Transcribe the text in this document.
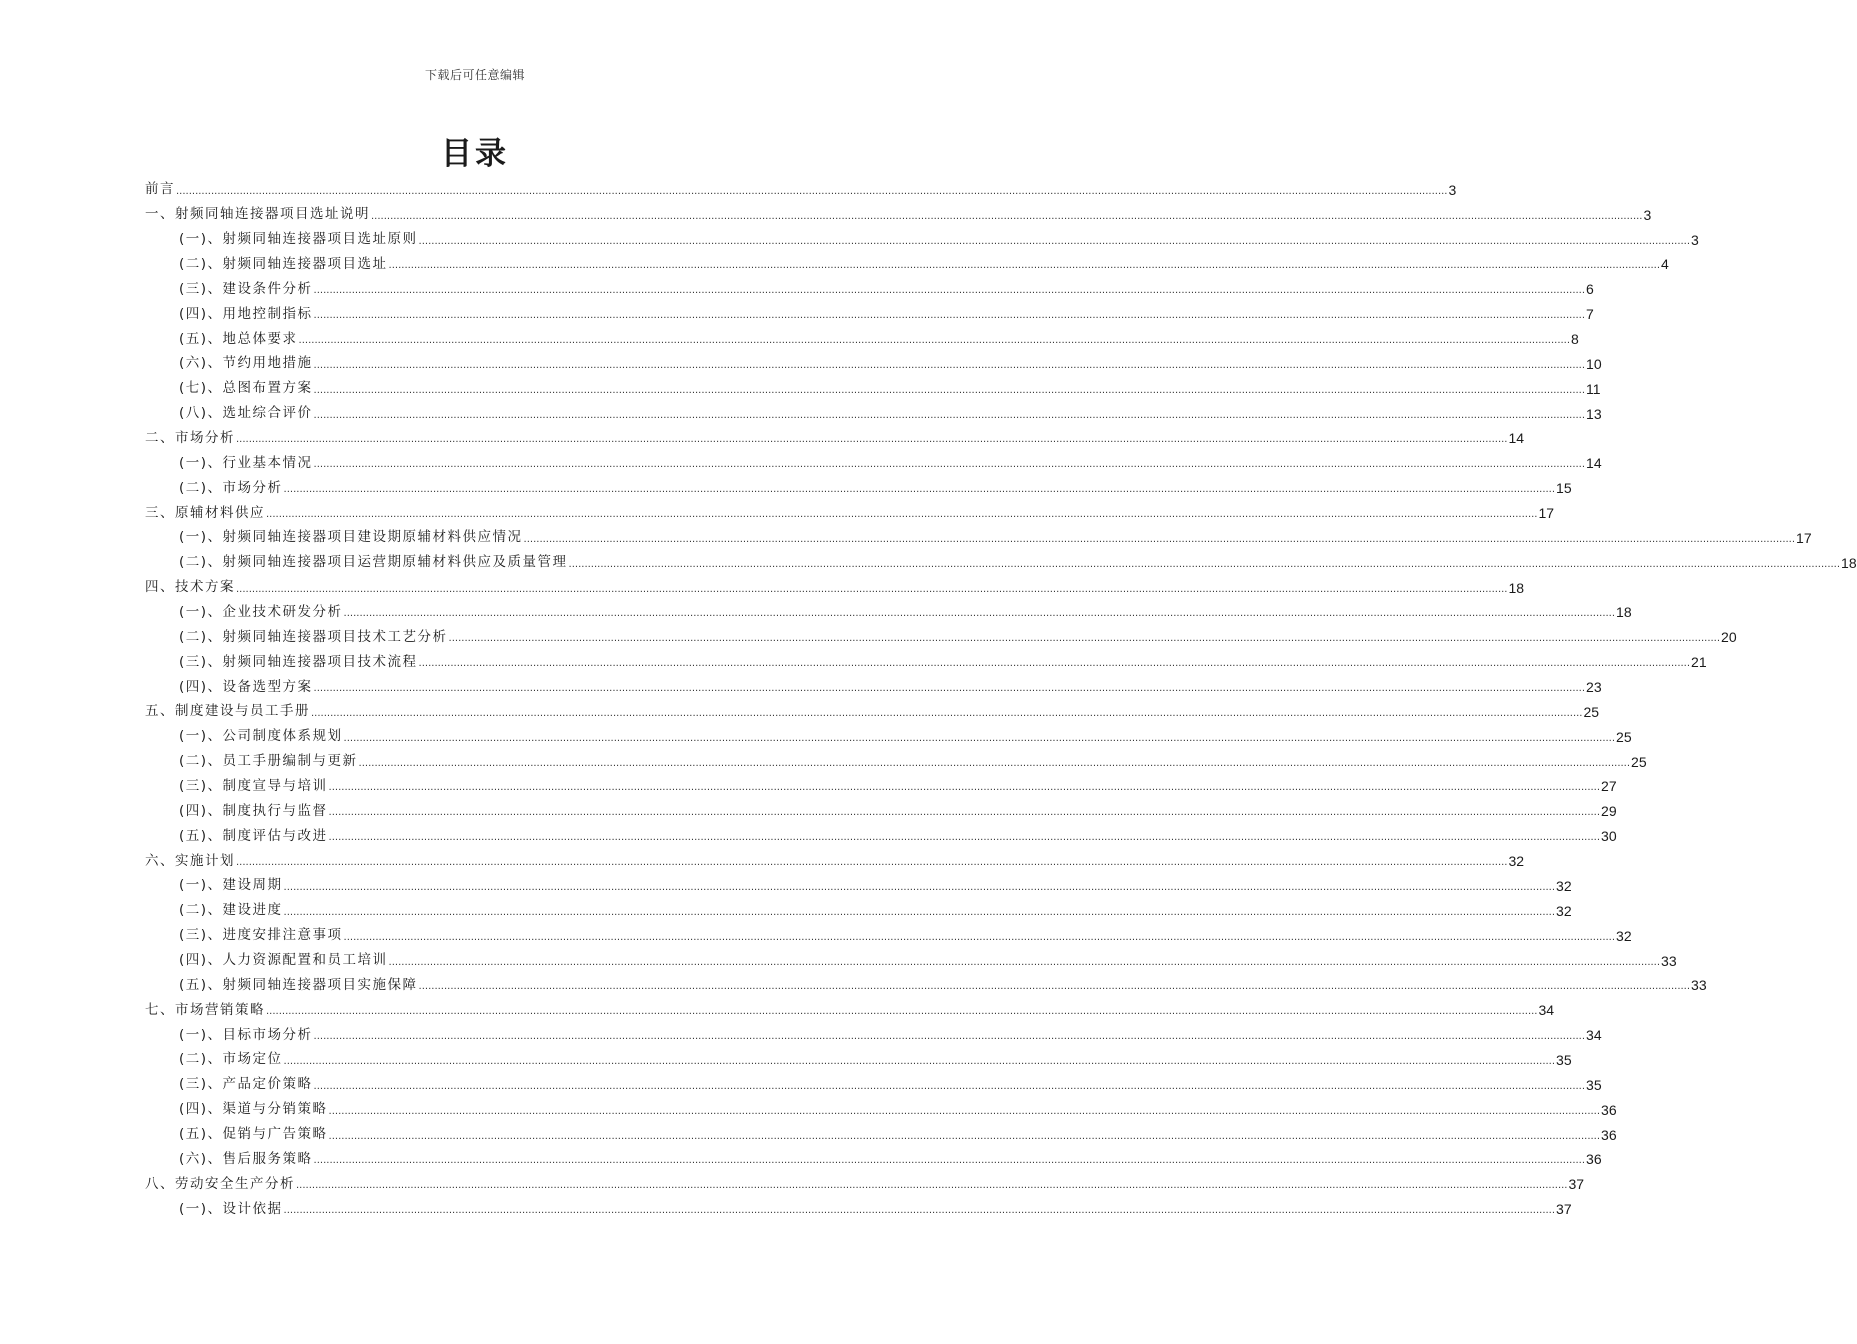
下载后可任意编辑
目录
前言 ................................................................................................................................................................................................................................................................................................................................................................................................................ 3
一、射频同轴连接器项目选址说明 ................................................................................................................................................................................................................................................................................................................................................................................................................ 3
(一)、射频同轴连接器项目选址原则 ................................................................................................................................................................................................................................................................................................................................................................................................................ 3
(二)、射频同轴连接器项目选址 ................................................................................................................................................................................................................................................................................................................................................................................................................ 4
(三)、建设条件分析 ................................................................................................................................................................................................................................................................................................................................................................................................................ 6
(四)、用地控制指标 ................................................................................................................................................................................................................................................................................................................................................................................................................ 7
(五)、地总体要求 ................................................................................................................................................................................................................................................................................................................................................................................................................ 8
(六)、节约用地措施 ................................................................................................................................................................................................................................................................................................................................................................................................................ 10
(七)、总图布置方案 ................................................................................................................................................................................................................................................................................................................................................................................................................ 11
(八)、选址综合评价 ................................................................................................................................................................................................................................................................................................................................................................................................................ 13
二、市场分析 ................................................................................................................................................................................................................................................................................................................................................................................................................ 14
(一)、行业基本情况 ................................................................................................................................................................................................................................................................................................................................................................................................................ 14
(二)、市场分析 ................................................................................................................................................................................................................................................................................................................................................................................................................ 15
三、原辅材料供应 ................................................................................................................................................................................................................................................................................................................................................................................................................ 17
(一)、射频同轴连接器项目建设期原辅材料供应情况 ................................................................................................................................................................................................................................................................................................................................................................................................................ 17
(二)、射频同轴连接器项目运营期原辅材料供应及质量管理 ................................................................................................................................................................................................................................................................................................................................................................................................................ 18
四、技术方案 ................................................................................................................................................................................................................................................................................................................................................................................................................ 18
(一)、企业技术研发分析 ................................................................................................................................................................................................................................................................................................................................................................................................................ 18
(二)、射频同轴连接器项目技术工艺分析 ................................................................................................................................................................................................................................................................................................................................................................................................................ 20
(三)、射频同轴连接器项目技术流程 ................................................................................................................................................................................................................................................................................................................................................................................................................ 21
(四)、设备选型方案 ................................................................................................................................................................................................................................................................................................................................................................................................................ 23
五、制度建设与员工手册 ................................................................................................................................................................................................................................................................................................................................................................................................................ 25
(一)、公司制度体系规划 ................................................................................................................................................................................................................................................................................................................................................................................................................ 25
(二)、员工手册编制与更新 ................................................................................................................................................................................................................................................................................................................................................................................................................ 25
(三)、制度宣导与培训 ................................................................................................................................................................................................................................................................................................................................................................................................................ 27
(四)、制度执行与监督 ................................................................................................................................................................................................................................................................................................................................................................................................................ 29
(五)、制度评估与改进 ................................................................................................................................................................................................................................................................................................................................................................................................................ 30
六、实施计划 ................................................................................................................................................................................................................................................................................................................................................................................................................ 32
(一)、建设周期 ................................................................................................................................................................................................................................................................................................................................................................................................................ 32
(二)、建设进度 ................................................................................................................................................................................................................................................................................................................................................................................................................ 32
(三)、进度安排注意事项 ................................................................................................................................................................................................................................................................................................................................................................................................................ 32
(四)、人力资源配置和员工培训 ................................................................................................................................................................................................................................................................................................................................................................................................................ 33
(五)、射频同轴连接器项目实施保障 ................................................................................................................................................................................................................................................................................................................................................................................................................ 33
七、市场营销策略 ................................................................................................................................................................................................................................................................................................................................................................................................................ 34
(一)、目标市场分析 ................................................................................................................................................................................................................................................................................................................................................................................................................ 34
(二)、市场定位 ................................................................................................................................................................................................................................................................................................................................................................................................................ 35
(三)、产品定价策略 ................................................................................................................................................................................................................................................................................................................................................................................................................ 35
(四)、渠道与分销策略 ................................................................................................................................................................................................................................................................................................................................................................................................................ 36
(五)、促销与广告策略 ................................................................................................................................................................................................................................................................................................................................................................................................................ 36
(六)、售后服务策略 ................................................................................................................................................................................................................................................................................................................................................................................................................ 36
八、劳动安全生产分析 ................................................................................................................................................................................................................................................................................................................................................................................................................ 37
(一)、设计依据 ................................................................................................................................................................................................................................................................................................................................................................................................................ 37
